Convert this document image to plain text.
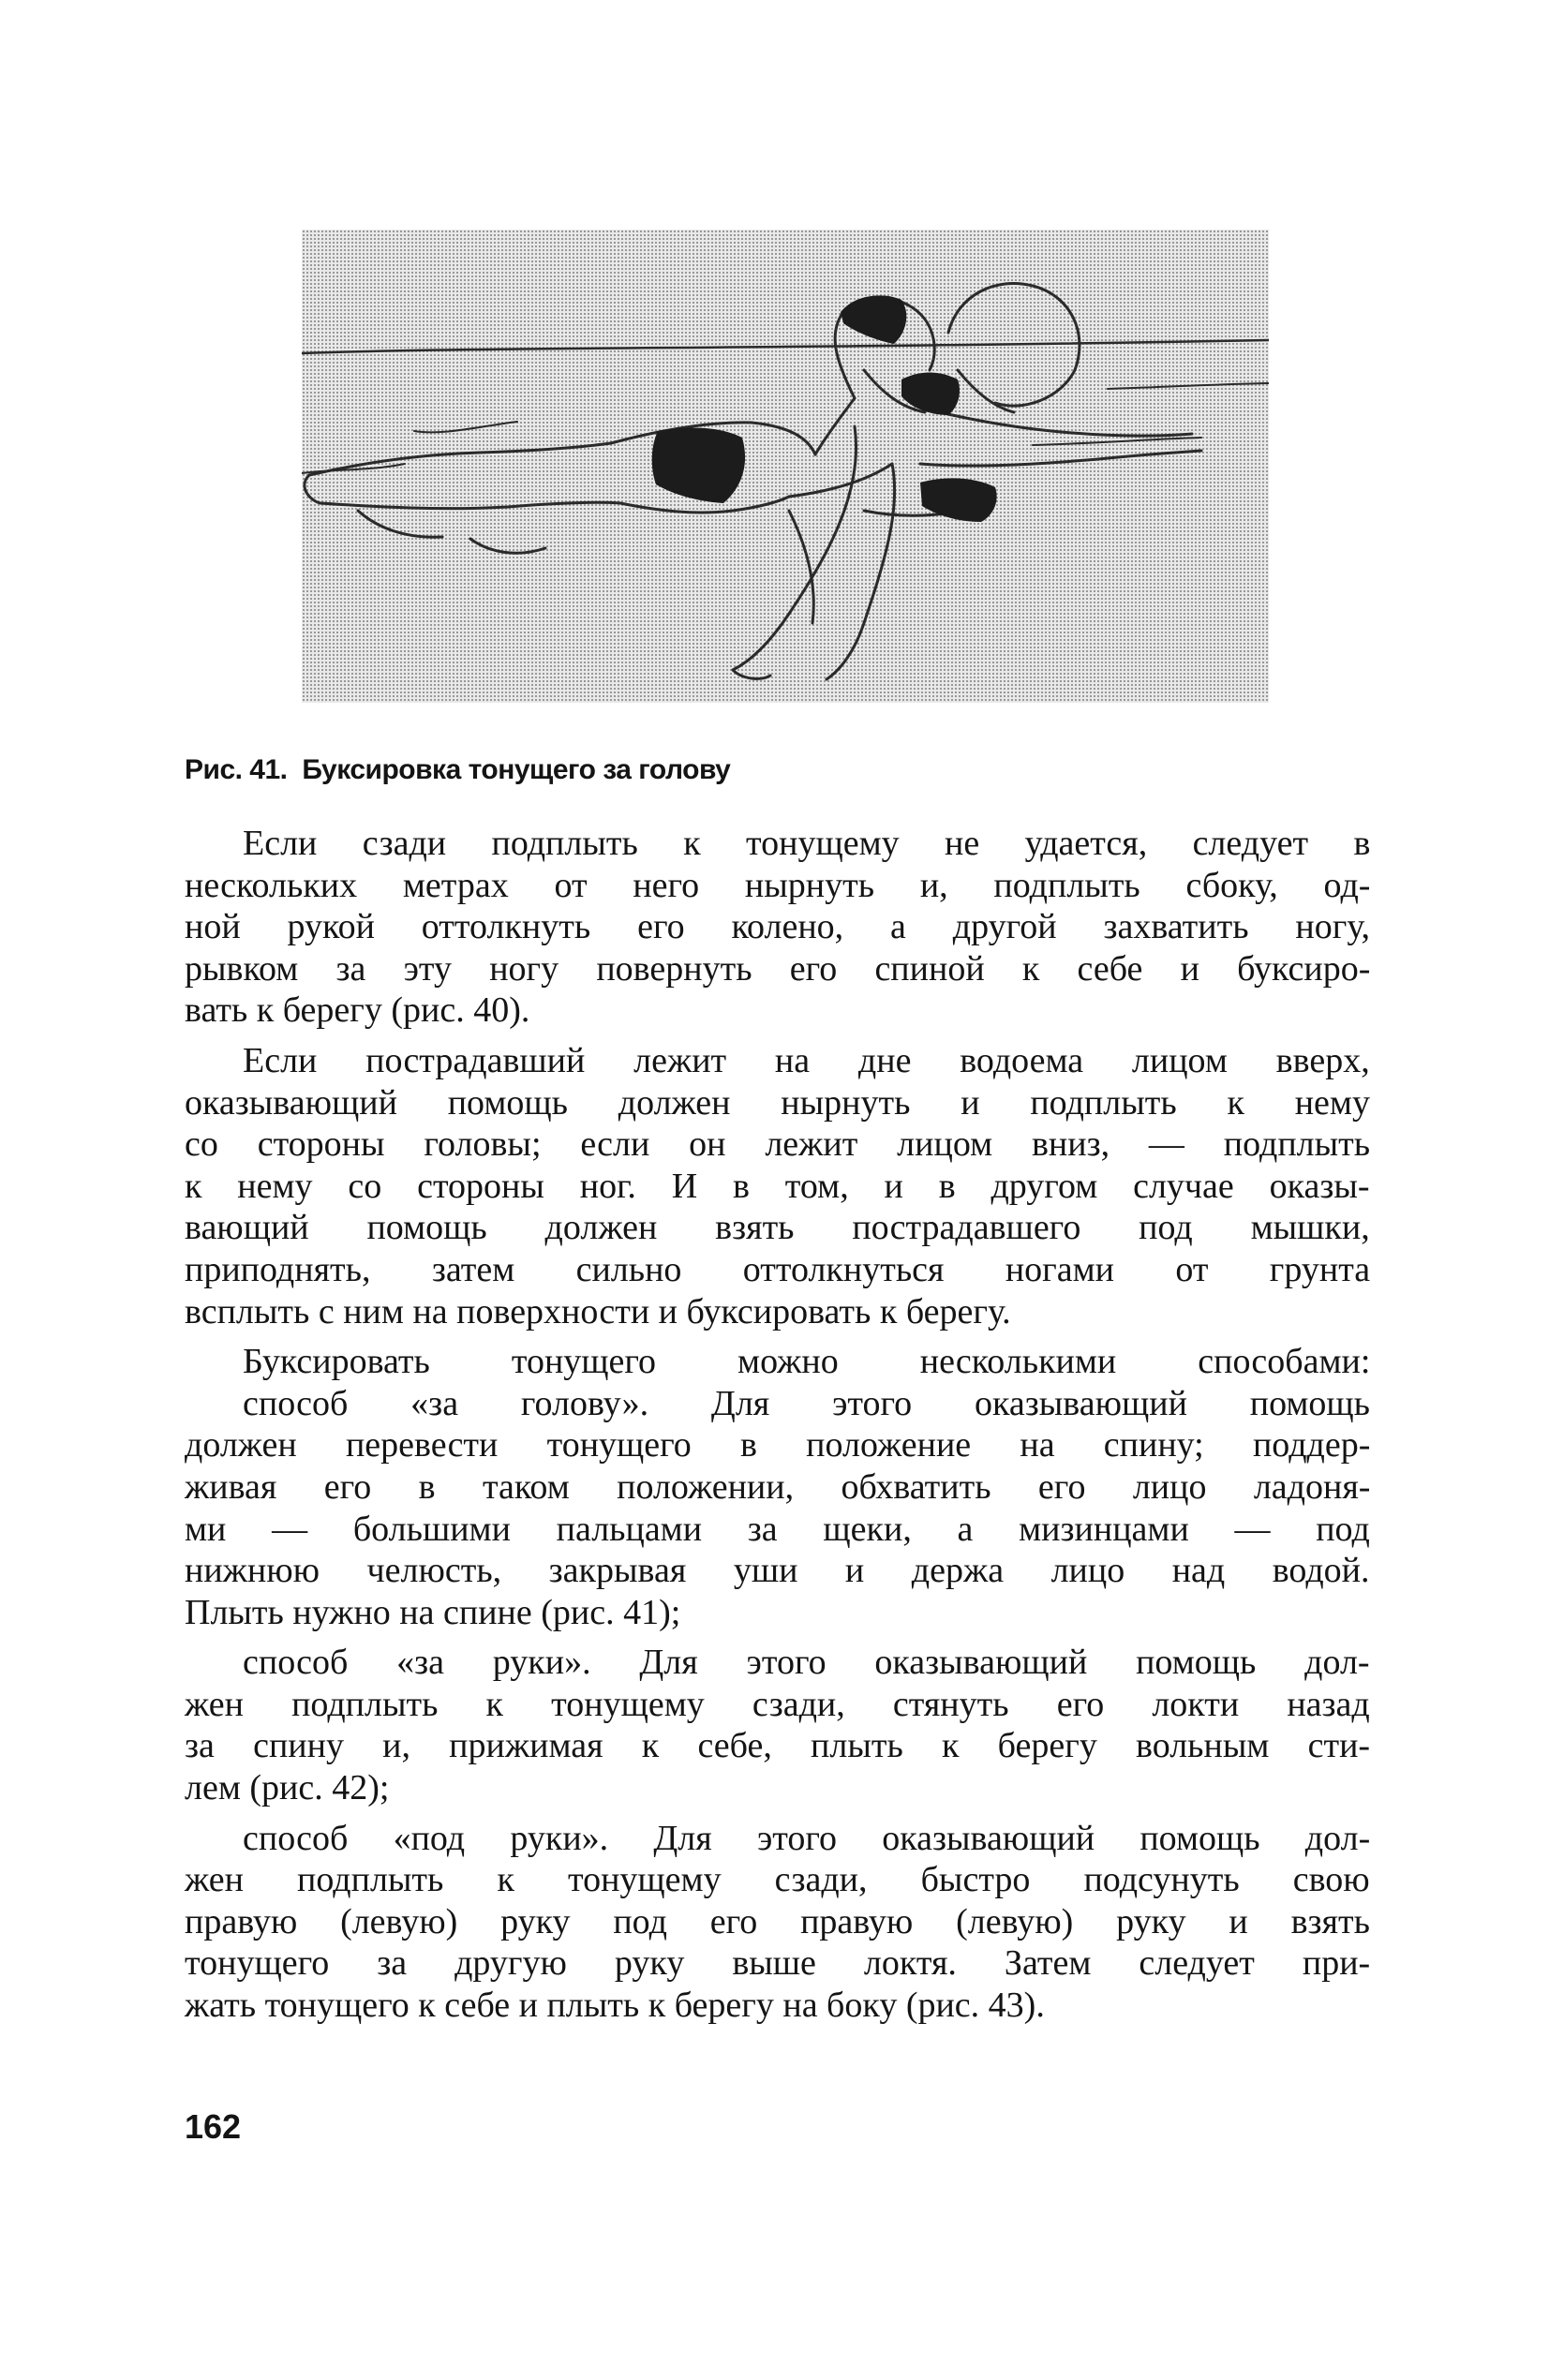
Рис. 41. Буксировка тонущего за голову
Если сзади подплыть к тонущему не удается, следует в
нескольких метрах от него нырнуть и, подплыть сбоку, од-
ной рукой оттолкнуть его колено, а другой захватить ногу,
рывком за эту ногу повернуть его спиной к себе и буксиро-
вать к берегу (рис. 40).
Если пострадавший лежит на дне водоема лицом вверх,
оказывающий помощь должен нырнуть и подплыть к нему
со стороны головы; если он лежит лицом вниз, — подплыть
к нему со стороны ног. И в том, и в другом случае оказы-
вающий помощь должен взять пострадавшего под мышки,
приподнять, затем сильно оттолкнуться ногами от грунта
всплыть с ним на поверхности и буксировать к берегу.
Буксировать тонущего можно несколькими способами:
способ «за голову». Для этого оказывающий помощь
должен перевести тонущего в положение на спину; поддер-
живая его в таком положении, обхватить его лицо ладоня-
ми — большими пальцами за щеки, а мизинцами — под
нижнюю челюсть, закрывая уши и держа лицо над водой.
Плыть нужно на спине (рис. 41);
способ «за руки». Для этого оказывающий помощь дол-
жен подплыть к тонущему сзади, стянуть его локти назад
за спину и, прижимая к себе, плыть к берегу вольным сти-
лем (рис. 42);
способ «под руки». Для этого оказывающий помощь дол-
жен подплыть к тонущему сзади, быстро подсунуть свою
правую (левую) руку под его правую (левую) руку и взять
тонущего за другую руку выше локтя. Затем следует при-
жать тонущего к себе и плыть к берегу на боку (рис. 43).
162
